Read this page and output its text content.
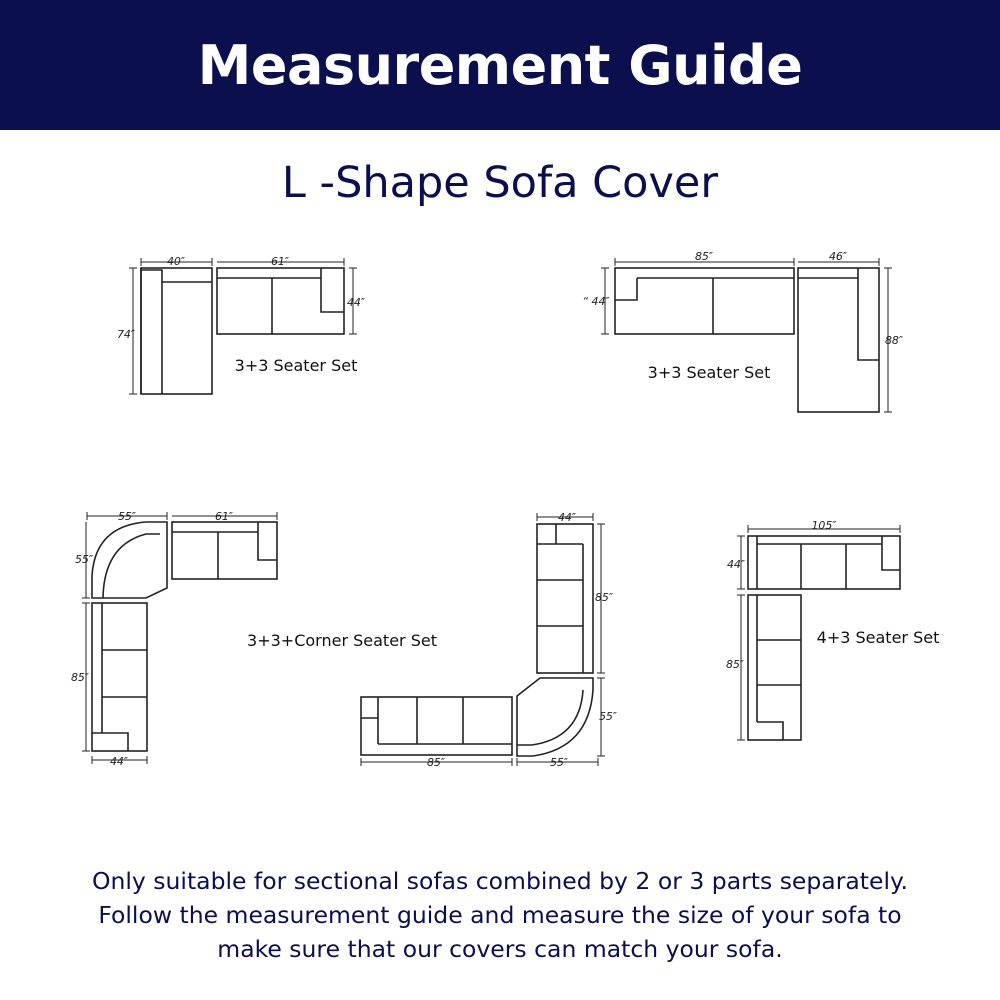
Measurement Guide
L -Shape Sofa Cover
40″	61″
44″
74″
3+3 Seater Set
85″	46″
“ 44″
88″
3+3 Seater Set
55″	61″
55″
85″
44″
3+3+Corner Seater Set
44″
85″
55″
85″	55″
105″
44″
85″
4+3 Seater Set
Only suitable for sectional sofas combined by 2 or 3 parts separately.
Follow the measurement guide and measure the size of your sofa to
make sure that our covers can match your sofa.
